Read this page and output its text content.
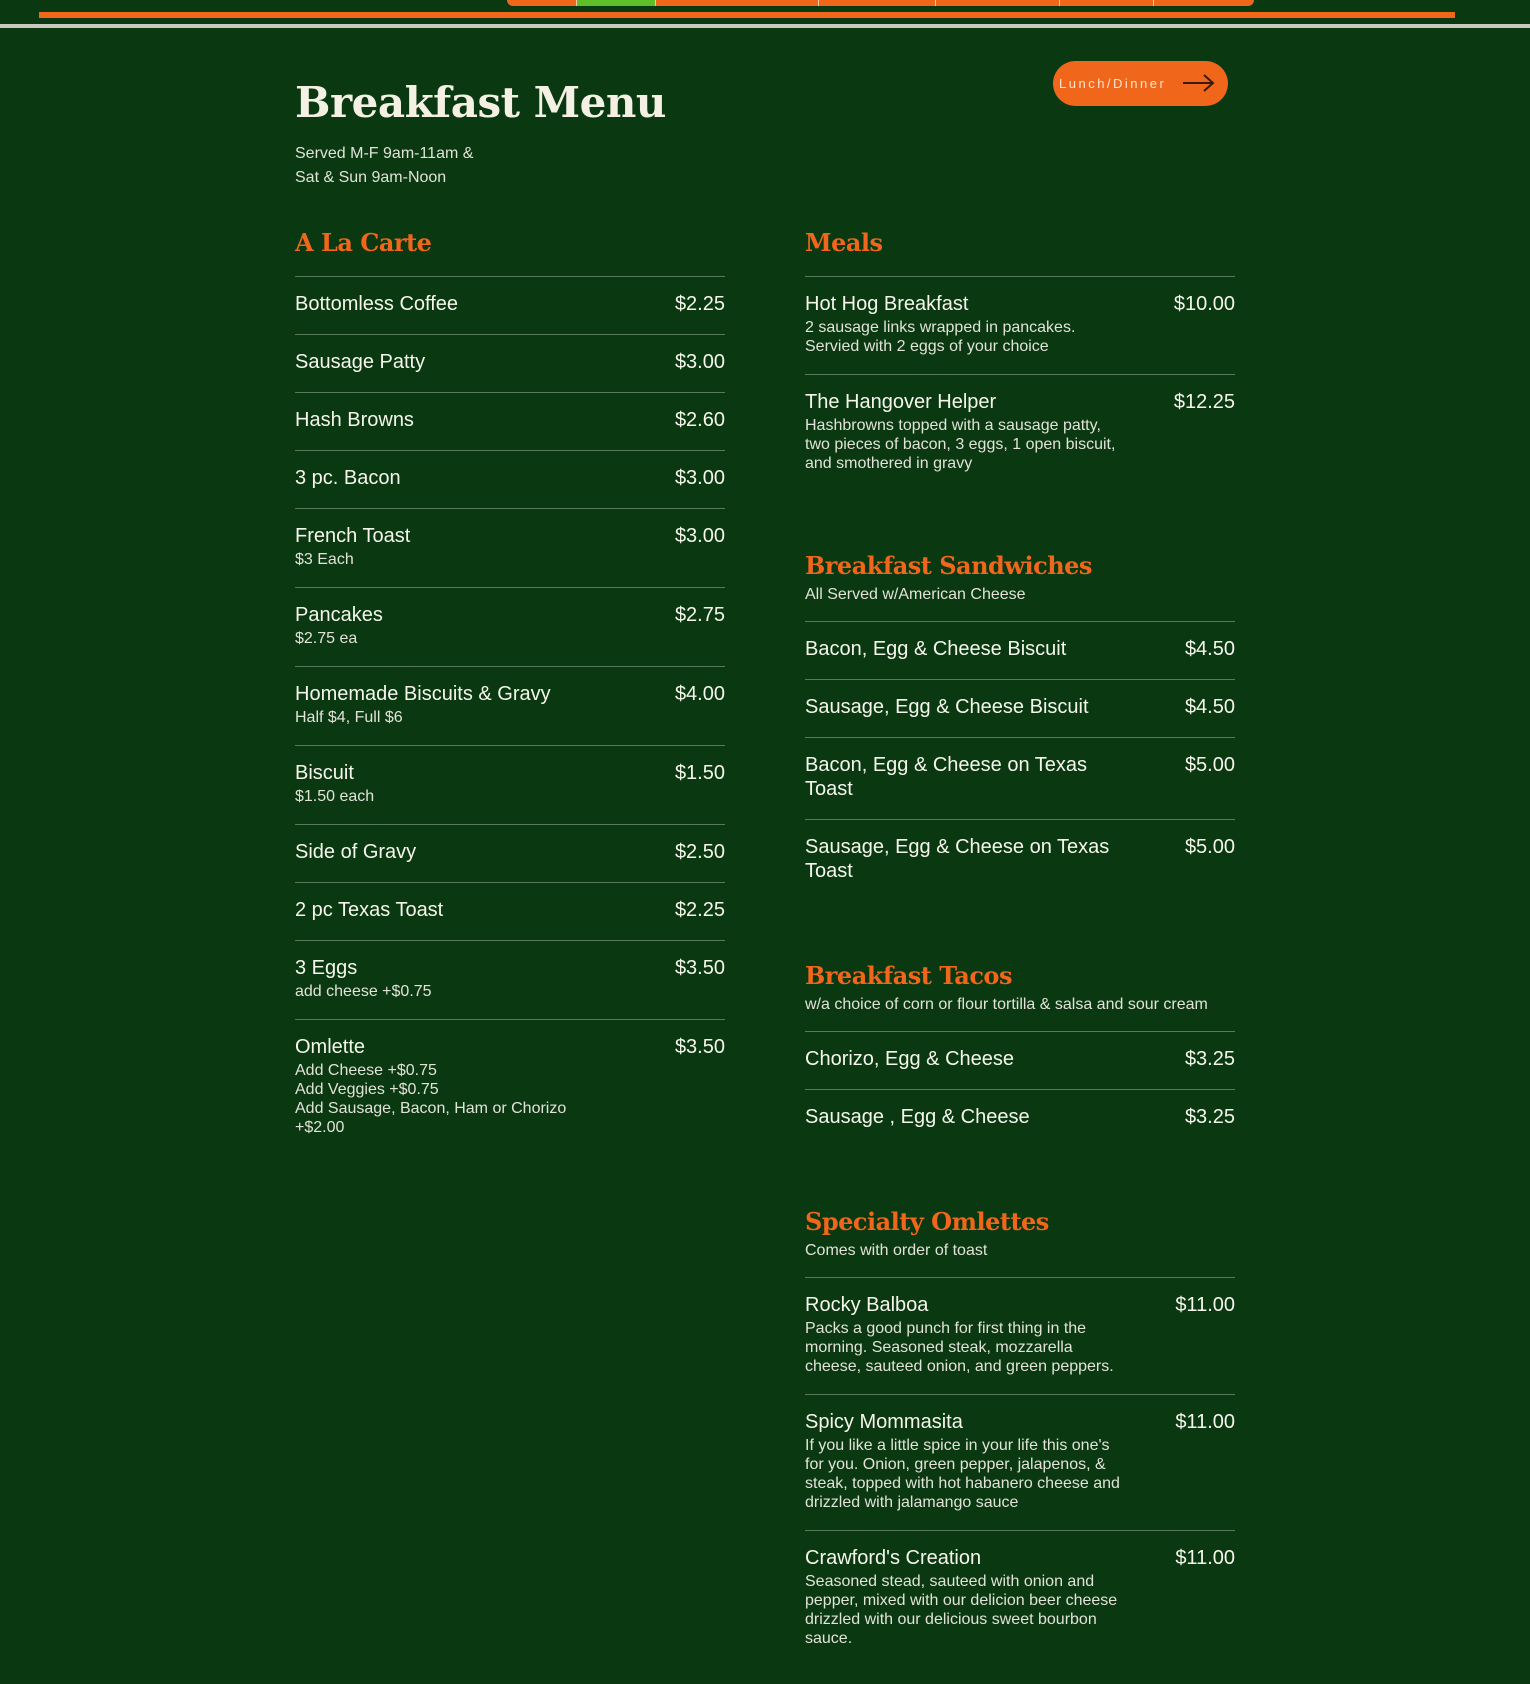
Breakfast Menu
Served M-F 9am-11am &
Sat & Sun 9am-Noon
Lunch/Dinner
A La Carte
Bottomless Coffee	$2.25
Sausage Patty	$3.00
Hash Browns	$2.60
3 pc. Bacon	$3.00
French Toast	$3.00
$3 Each
Pancakes	$2.75
$2.75 ea
Homemade Biscuits & Gravy	$4.00
Half $4, Full $6
Biscuit	$1.50
$1.50 each
Side of Gravy	$2.50
2 pc Texas Toast	$2.25
3 Eggs	$3.50
add cheese +$0.75
Omlette	$3.50
Add Cheese +$0.75
Add Veggies +$0.75
Add Sausage, Bacon, Ham or Chorizo +$2.00
Meals
Hot Hog Breakfast	$10.00
2 sausage links wrapped in pancakes.
Servied with 2 eggs of your choice
The Hangover Helper	$12.25
Hashbrowns topped with a sausage patty, two pieces of bacon, 3 eggs, 1 open biscuit, and smothered in gravy
Breakfast Sandwiches
All Served w/American Cheese
Bacon, Egg & Cheese Biscuit	$4.50
Sausage, Egg & Cheese Biscuit	$4.50
Bacon, Egg & Cheese on Texas Toast
$5.00
Sausage, Egg & Cheese on Texas Toast
$5.00
Breakfast Tacos
w/a choice of corn or flour tortilla & salsa and sour cream
Chorizo, Egg & Cheese	$3.25
Sausage , Egg & Cheese	$3.25
Specialty Omlettes
Comes with order of toast
Rocky Balboa	$11.00
Packs a good punch for first thing in the morning. Seasoned steak, mozzarella cheese, sauteed onion, and green peppers.
Spicy Mommasita	$11.00
If you like a little spice in your life this one's for you. Onion, green pepper, jalapenos, & steak, topped with hot habanero cheese and drizzled with jalamango sauce
Crawford's Creation	$11.00
Seasoned stead, sauteed with onion and pepper, mixed with our delicion beer cheese drizzled with our delicious sweet bourbon sauce.
